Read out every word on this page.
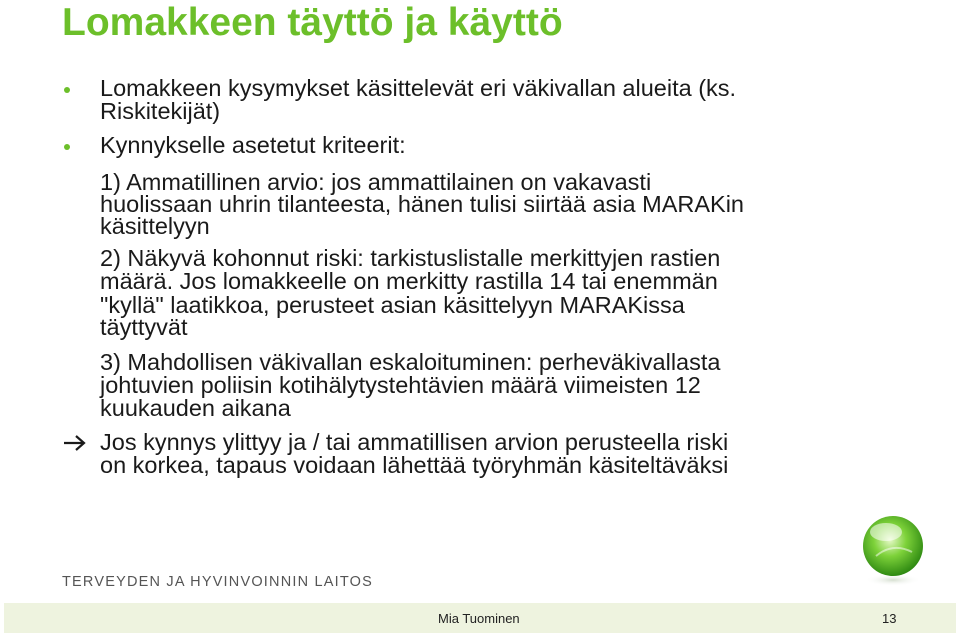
Lomakkeen täyttö ja käyttö
Lomakkeen kysymykset käsittelevät eri väkivallan alueita (ks.
Riskitekijät)
Kynnykselle asetetut kriteerit:
1) Ammatillinen arvio: jos ammattilainen on vakavasti
huolissaan uhrin tilanteesta, hänen tulisi siirtää asia MARAKin
käsittelyyn
2) Näkyvä kohonnut riski: tarkistuslistalle merkittyjen rastien
määrä. Jos lomakkeelle on merkitty rastilla 14 tai enemmän
"kyllä" laatikkoa, perusteet asian käsittelyyn MARAKissa
täyttyvät
3) Mahdollisen väkivallan eskaloituminen: perheväkivallasta
johtuvien poliisin kotihälytystehtävien määrä viimeisten 12
kuukauden aikana
Jos kynnys ylittyy ja / tai ammatillisen arvion perusteella riski
on korkea, tapaus voidaan lähettää työryhmän käsiteltäväksi
TERVEYDEN JA HYVINVOINNIN LAITOS
Mia Tuominen	13
